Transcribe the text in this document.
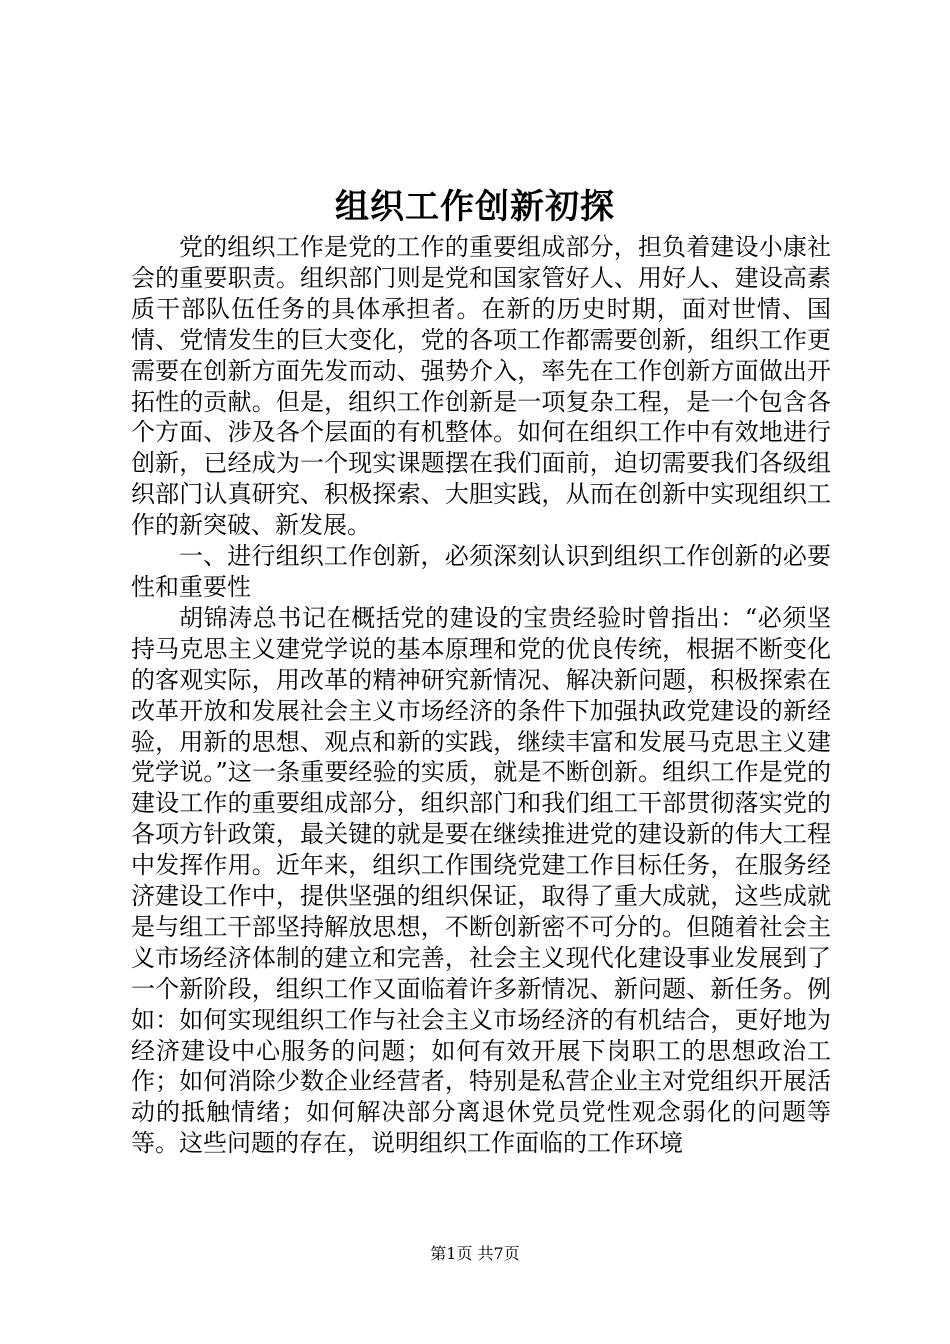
组织工作创新初探

党的组织工作是党的工作的重要组成部分，担负着建设小康社会的重要职责。组织部门则是党和国家管好人、用好人、建设高素质干部队伍任务的具体承担者。在新的历史时期，面对世情、国情、党情发生的巨大变化，党的各项工作都需要创新，组织工作更需要在创新方面先发而动、强势介入，率先在工作创新方面做出开拓性的贡献。但是，组织工作创新是一项复杂工程，是一个包含各个方面、涉及各个层面的有机整体。如何在组织工作中有效地进行创新，已经成为一个现实课题摆在我们面前，迫切需要我们各级组织部门认真研究、积极探索、大胆实践，从而在创新中实现组织工作的新突破、新发展。

一、进行组织工作创新，必须深刻认识到组织工作创新的必要性和重要性

胡锦涛总书记在概括党的建设的宝贵经验时曾指出：“必须坚持马克思主义建党学说的基本原理和党的优良传统，根据不断变化的客观实际，用改革的精神研究新情况、解决新问题，积极探索在改革开放和发展社会主义市场经济的条件下加强执政党建设的新经验，用新的思想、观点和新的实践，继续丰富和发展马克思主义建党学说。”这一条重要经验的实质，就是不断创新。组织工作是党的建设工作的重要组成部分，组织部门和我们组工干部贯彻落实党的各项方针政策，最关键的就是要在继续推进党的建设新的伟大工程中发挥作用。近年来，组织工作围绕党建工作目标任务，在服务经济建设工作中，提供坚强的组织保证，取得了重大成就，这些成就是与组工干部坚持解放思想，不断创新密不可分的。但随着社会主义市场经济体制的建立和完善，社会主义现代化建设事业发展到了一个新阶段，组织工作又面临着许多新情况、新问题、新任务。例如：如何实现组织工作与社会主义市场经济的有机结合，更好地为经济建设中心服务的问题；如何有效开展下岗职工的思想政治工作；如何消除少数企业经营者，特别是私营企业主对党组织开展活动的抵触情绪；如何解决部分离退休党员党性观念弱化的问题等等。这些问题的存在，说明组织工作面临的工作环境

第1页 共7页
